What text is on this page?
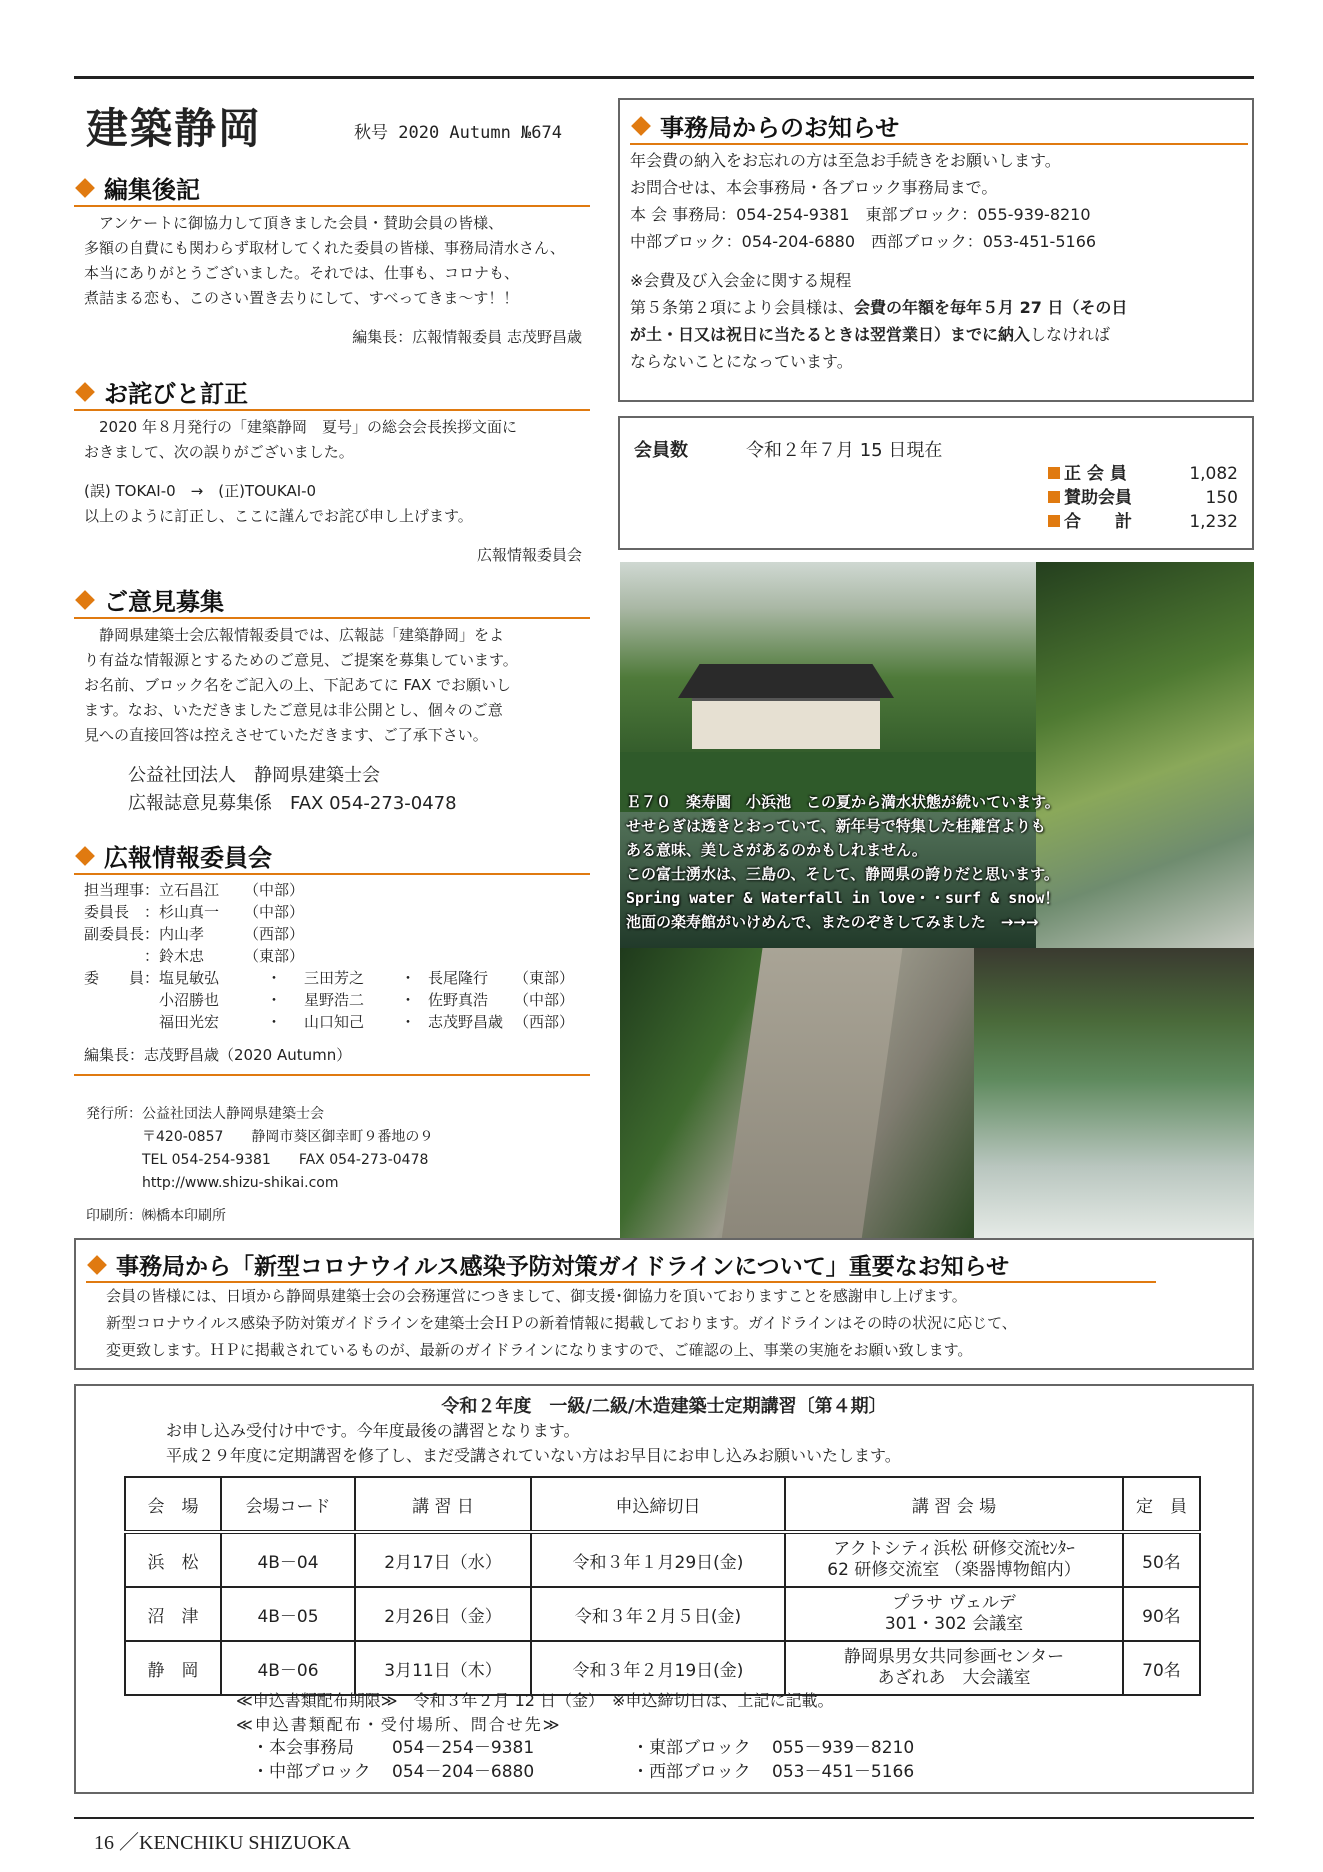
建築静岡	秋号 2020 Autumn №674
編集後記

アンケートに御協力して頂きました会員・賛助会員の皆様、

多額の自費にも関わらず取材してくれた委員の皆様、事務局清水さん、

本当にありがとうございました。それでは、仕事も、コロナも、

煮詰まる恋も、このさい置き去りにして、すべってきま～す！！

編集長：広報情報委員 志茂野昌歳

お詫びと訂正

2020 年８月発行の「建築静岡　夏号」の総会会長挨拶文面に

おきまして、次の誤りがございました。

(誤) TOKAI-0　→　(正)TOUKAI-0

以上のように訂正し、ここに謹んでお詫び申し上げます。

広報情報委員会

ご意見募集

静岡県建築士会広報情報委員では、広報誌「建築静岡」をよ

り有益な情報源とするためのご意見、ご提案を募集しています。

お名前、ブロック名をご記入の上、下記あてに FAX でお願いし

ます。なお、いただきましたご意見は非公開とし、個々のご意

見への直接回答は控えさせていただきます、ご了承下さい。

公益社団法人　静岡県建築士会
広報誌意見募集係　FAX 054-273-0478
広報情報委員会
担当理事：立石昌江	（中部）				
委員長　：杉山真一	（中部）				
副委員長：内山孝	（西部）				
　　　　：鈴木忠	（東部）				
委　　員：塩見敏弘	・	三田芳之	・	長尾隆行	（東部）
　　　　　小沼勝也	・	星野浩二	・	佐野真浩	（中部）
　　　　　福田光宏	・	山口知己	・	志茂野昌歳	（西部）
編集長：志茂野昌歳（2020 Autumn）

発行所：公益社団法人静岡県建築士会

　　　　〒420-0857　　静岡市葵区御幸町９番地の９

　　　　TEL 054-254-9381　　FAX 054-273-0478

　　　　http://www.shizu-shikai.com

印刷所：㈱橋本印刷所

事務局からのお知らせ

年会費の納入をお忘れの方は至急お手続きをお願いします。

お問合せは、本会事務局・各ブロック事務局まで。

本 会 事務局：054-254-9381　東部ブロック：055-939-8210

中部ブロック：054-204-6880　西部ブロック：053-451-5166

※会費及び入会金に関する規程

第５条第２項により会員様は、会費の年額を毎年５月 27 日（その日

が土・日又は祝日に当たるときは翌営業日）までに納入しなければ

ならないことになっています。

会員数	令和２年７月 15 日現在
正 会 員	1,082
賛助会員	150
合　　計	1,232
Ｅ７０　楽寿園　小浜池　この夏から満水状態が続いています。
せせらぎは透きとおっていて、新年号で特集した桂離宮よりも
ある意味、美しさがあるのかもしれません。
この富士湧水は、三島の、そして、静岡県の誇りだと思います。
Spring water & Waterfall in love・・surf & snow！
池面の楽寿館がいけめんで、またのぞきしてみました　→→→
事務局から「新型コロナウイルス感染予防対策ガイドラインについて」重要なお知らせ

会員の皆様には、日頃から静岡県建築士会の会務運営につきまして、御支援･御協力を頂いておりますことを感謝申し上げます。

新型コロナウイルス感染予防対策ガイドラインを建築士会ＨＰの新着情報に掲載しております。ガイドラインはその時の状況に応じて、

変更致します。ＨＰに掲載されているものが、最新のガイドラインになりますので、ご確認の上、事業の実施をお願い致します。

令和２年度　一級/二級/木造建築士定期講習〔第４期〕

お申し込み受付け中です。今年度最後の講習となります。

平成２９年度に定期講習を修了し、まだ受講されていない方はお早目にお申し込みお願いいたします。

会　場	会場コード	講 習 日	申込締切日	講 習 会 場	定　員
浜　松	4B－04	2月17日（水）	令和３年１月29日(金)	アクトシティ浜松 研修交流ｾﾝﾀｰ
62 研修交流室 （楽器博物館内）	50名
沼　津	4B－05	2月26日（金）	令和３年２月５日(金)	プラサ ヴェルデ
301・302 会議室	90名
静　岡	4B－06	3月11日（木）	令和３年２月19日(金)	静岡県男女共同参画センター
あざれあ　大会議室	70名
≪申込書類配布期限≫　令和３年２月 12 日（金）　※申込締切日は、上記に記載。
≪申込書類配布・受付場所、問合せ先≫
・本会事務局	054－254－9381	・東部ブロック	055－939－8210
・中部ブロック	054－204－6880	・西部ブロック	053－451－5166
16 ／KENCHIKU SHIZUOKA
